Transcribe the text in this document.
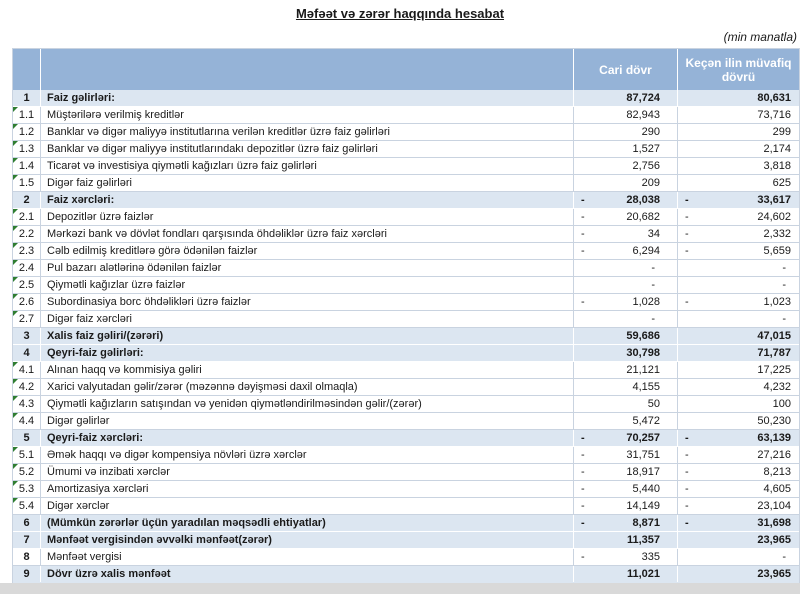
Məfəət və zərər haqqında hesabat
(min manatla)
Cari dövr	Keçən ilin müvafiq dövrü
1	Faiz gəlirləri:	87,724	80,631
1.1	Müştərilərə verilmiş kreditlər	82,943	73,716
1.2	Banklar və digər maliyyə institutlarına verilən kreditlər üzrə faiz gəlirləri	290	299
1.3	Banklar və digər maliyyə institutlarındakı depozitlər üzrə faiz gəlirləri	1,527	2,174
1.4	Ticarət və investisiya qiymətli kağızları üzrə faiz gəlirləri	2,756	3,818
1.5	Digər faiz gəlirləri	209	625
2	Faiz xərcləri:	-	28,038	-	33,617
2.1	Depozitlər üzrə faizlər	-	20,682	-	24,602
2.2	Mərkəzi bank və dövlət fondları qarşısında öhdəliklər üzrə faiz xərcləri	-	34	-	2,332
2.3	Cəlb edilmiş kreditlərə görə ödənilən faizlər	-	6,294	-	5,659
2.4	Pul bazarı alətlərinə ödənilən faizlər	-	-
2.5	Qiymətli kağızlar üzrə faizlər	-	-
2.6	Subordinasiya borc öhdəlikləri üzrə faizlər	-	1,028	-	1,023
2.7	Digər faiz xərcləri	-	-
3	Xalis faiz gəliri/(zərəri)	59,686	47,015
4	Qeyri-faiz gəlirləri:	30,798	71,787
4.1	Alınan haqq və kommisiya gəliri	21,121	17,225
4.2	Xarici valyutadan gəlir/zərər (məzənnə dəyişməsi daxil olmaqla)	4,155	4,232
4.3	Qiymətli kağızların satışından və yenidən qiymətləndirilməsindən gəlir/(zərər)	50	100
4.4	Digər gəlirlər	5,472	50,230
5	Qeyri-faiz xərcləri:	-	70,257	-	63,139
5.1	Əmək haqqı və digər kompensiya növləri üzrə xərclər	-	31,751	-	27,216
5.2	Ümumi və inzibati xərclər	-	18,917	-	8,213
5.3	Amortizasiya xərcləri	-	5,440	-	4,605
5.4	Digər xərclər	-	14,149	-	23,104
6	(Mümkün zərərlər üçün yaradılan məqsədli ehtiyatlar)	-	8,871	-	31,698
7	Mənfəət vergisindən əvvəlki mənfəət(zərər)	11,357	23,965
8	Mənfəət vergisi	-	335	-
9	Dövr üzrə xalis mənfəət	11,021	23,965
